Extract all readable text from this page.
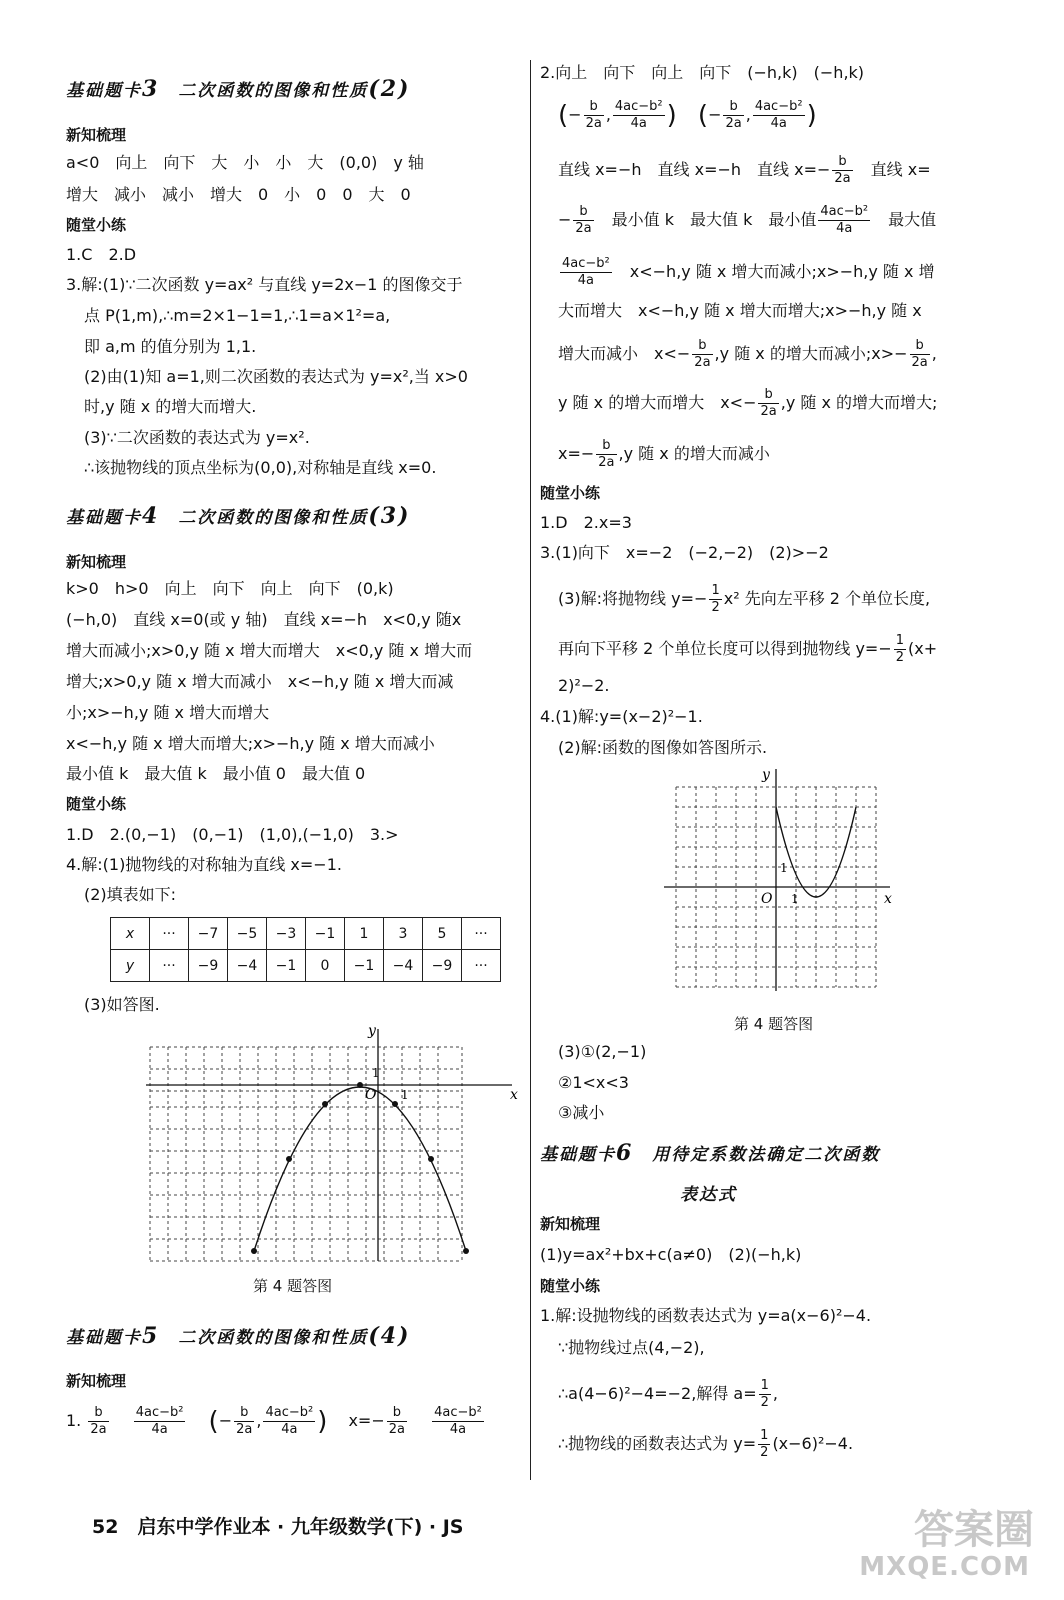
基础题卡3　 二次函数的图像和性质(2)
新知梳理
a<0　向上　向下　大　小　小　大　(0,0)　y 轴
增大　减小　减小　增大　0　小　0　0　大　0
随堂小练
1.C　2.D
3.解:(1)∵二次函数 y=ax² 与直线 y=2x−1 的图像交于
点 P(1,m),∴m=2×1−1=1,∴1=a×1²=a,
即 a,m 的值分别为 1,1.
(2)由(1)知 a=1,则二次函数的表达式为 y=x²,当 x>0
时,y 随 x 的增大而增大.
(3)∵二次函数的表达式为 y=x².
∴该抛物线的顶点坐标为(0,0),对称轴是直线 x=0.
基础题卡4　 二次函数的图像和性质(3)
新知梳理
k>0　h>0　向上　向下　向上　向下　(0,k)
(−h,0)　直线 x=0(或 y 轴)　直线 x=−h　x<0,y 随x
增大而减小;x>0,y 随 x 增大而增大　x<0,y 随 x 增大而
增大;x>0,y 随 x 增大而减小　x<−h,y 随 x 增大而减
小;x>−h,y 随 x 增大而增大
x<−h,y 随 x 增大而增大;x>−h,y 随 x 增大而减小
最小值 k　最大值 k　最小值 0　最大值 0
随堂小练
1.D　2.(0,−1)　(0,−1)　(1,0),(−1,0)　3.>
4.解:(1)抛物线的对称轴为直线 x=−1.
(2)填表如下:
x	···	−7	−5	−3	−1	1	3	5	···
y	···	−9	−4	−1	0	−1	−4	−9	···
(3)如答图.
y
x
O 1
1
第 4 题答图
基础题卡5　 二次函数的图像和性质(4)
新知梳理
1. $\frac{b}{2a}$
　 $\frac{\text{4ac−b²}}{4a}$
　 (− $\frac{b}{2a}$ , $\frac{\text{4ac−b²}}{4a}$ )　 $x=- \frac{b}{2a}$
　 $\frac{\text{4ac−b²}}{4a}$
2.向上　向下　向上　向下　(−h,k)　(−h,k)
(− $\frac{b}{2a}$ , $\frac{\text{4ac−b²}}{4a}$ )　 (− $\frac{b}{2a}$ , $\frac{\text{4ac−b²}}{4a}$ )
直线 x=−h　直线 x=−h　直线 $x=- \frac{b}{2a}$
　 直线 x=
− $\frac{b}{2a}$
　 最小值 k　最大值 k　最小值 $\frac{\text{4ac−b²}}{4a}$
　 最大值
$\frac{\text{4ac−b²}}{4a}$
　 x<−h,y 随 x 增大而减小;x>−h,y 随 x 增
大而增大　x<−h,y 随 x 增大而增大;x>−h,y 随 x
增大而减小　$x<- \frac{b}{2a} ,y$ 随 x 的增大而减小;x>− $\frac{b}{2a}$ ,
y 随 x 的增大而增大　$x<- \frac{b}{2a} ,y$ 随 x 的增大而增大;
$x=- \frac{b}{2a} ,y$ 随 x 的增大而减小
随堂小练
1.D　2.x=3
3.(1)向下　x=−2　(−2,−2)　(2)>−2
(3)解:将抛物线 $y=- \frac{1}{2} x^2$ 先向左平移 2 个单位长度,
再向下平移 2 个单位长度可以得到抛物线 $y=- \frac{1}{2} (x+$
2)²−2.
4.(1)解:y=(x−2)²−1.
(2)解:函数的图像如答图所示.
y
x
O 1
1
第 4 题答图
(3)①(2,−1)
②1<x<3
③减小
基础题卡6　 用待定系数法确定二次函数
表达式
新知梳理
(1)y=ax²+bx+c(a≠0)　(2)(−h,k)
随堂小练
1.解:设抛物线的函数表达式为 y=a(x−6)²−4.
∵抛物线过点(4,−2),
∴a(4−6)²−4=−2,解得 $a= \frac{1}{2}$ ,
∴抛物线的函数表达式为 $y= \frac{1}{2} (x-6)^2-4$.
52　启东中学作业本 · 九年级数学(下) · JS	答案圈
MXQE.COM
